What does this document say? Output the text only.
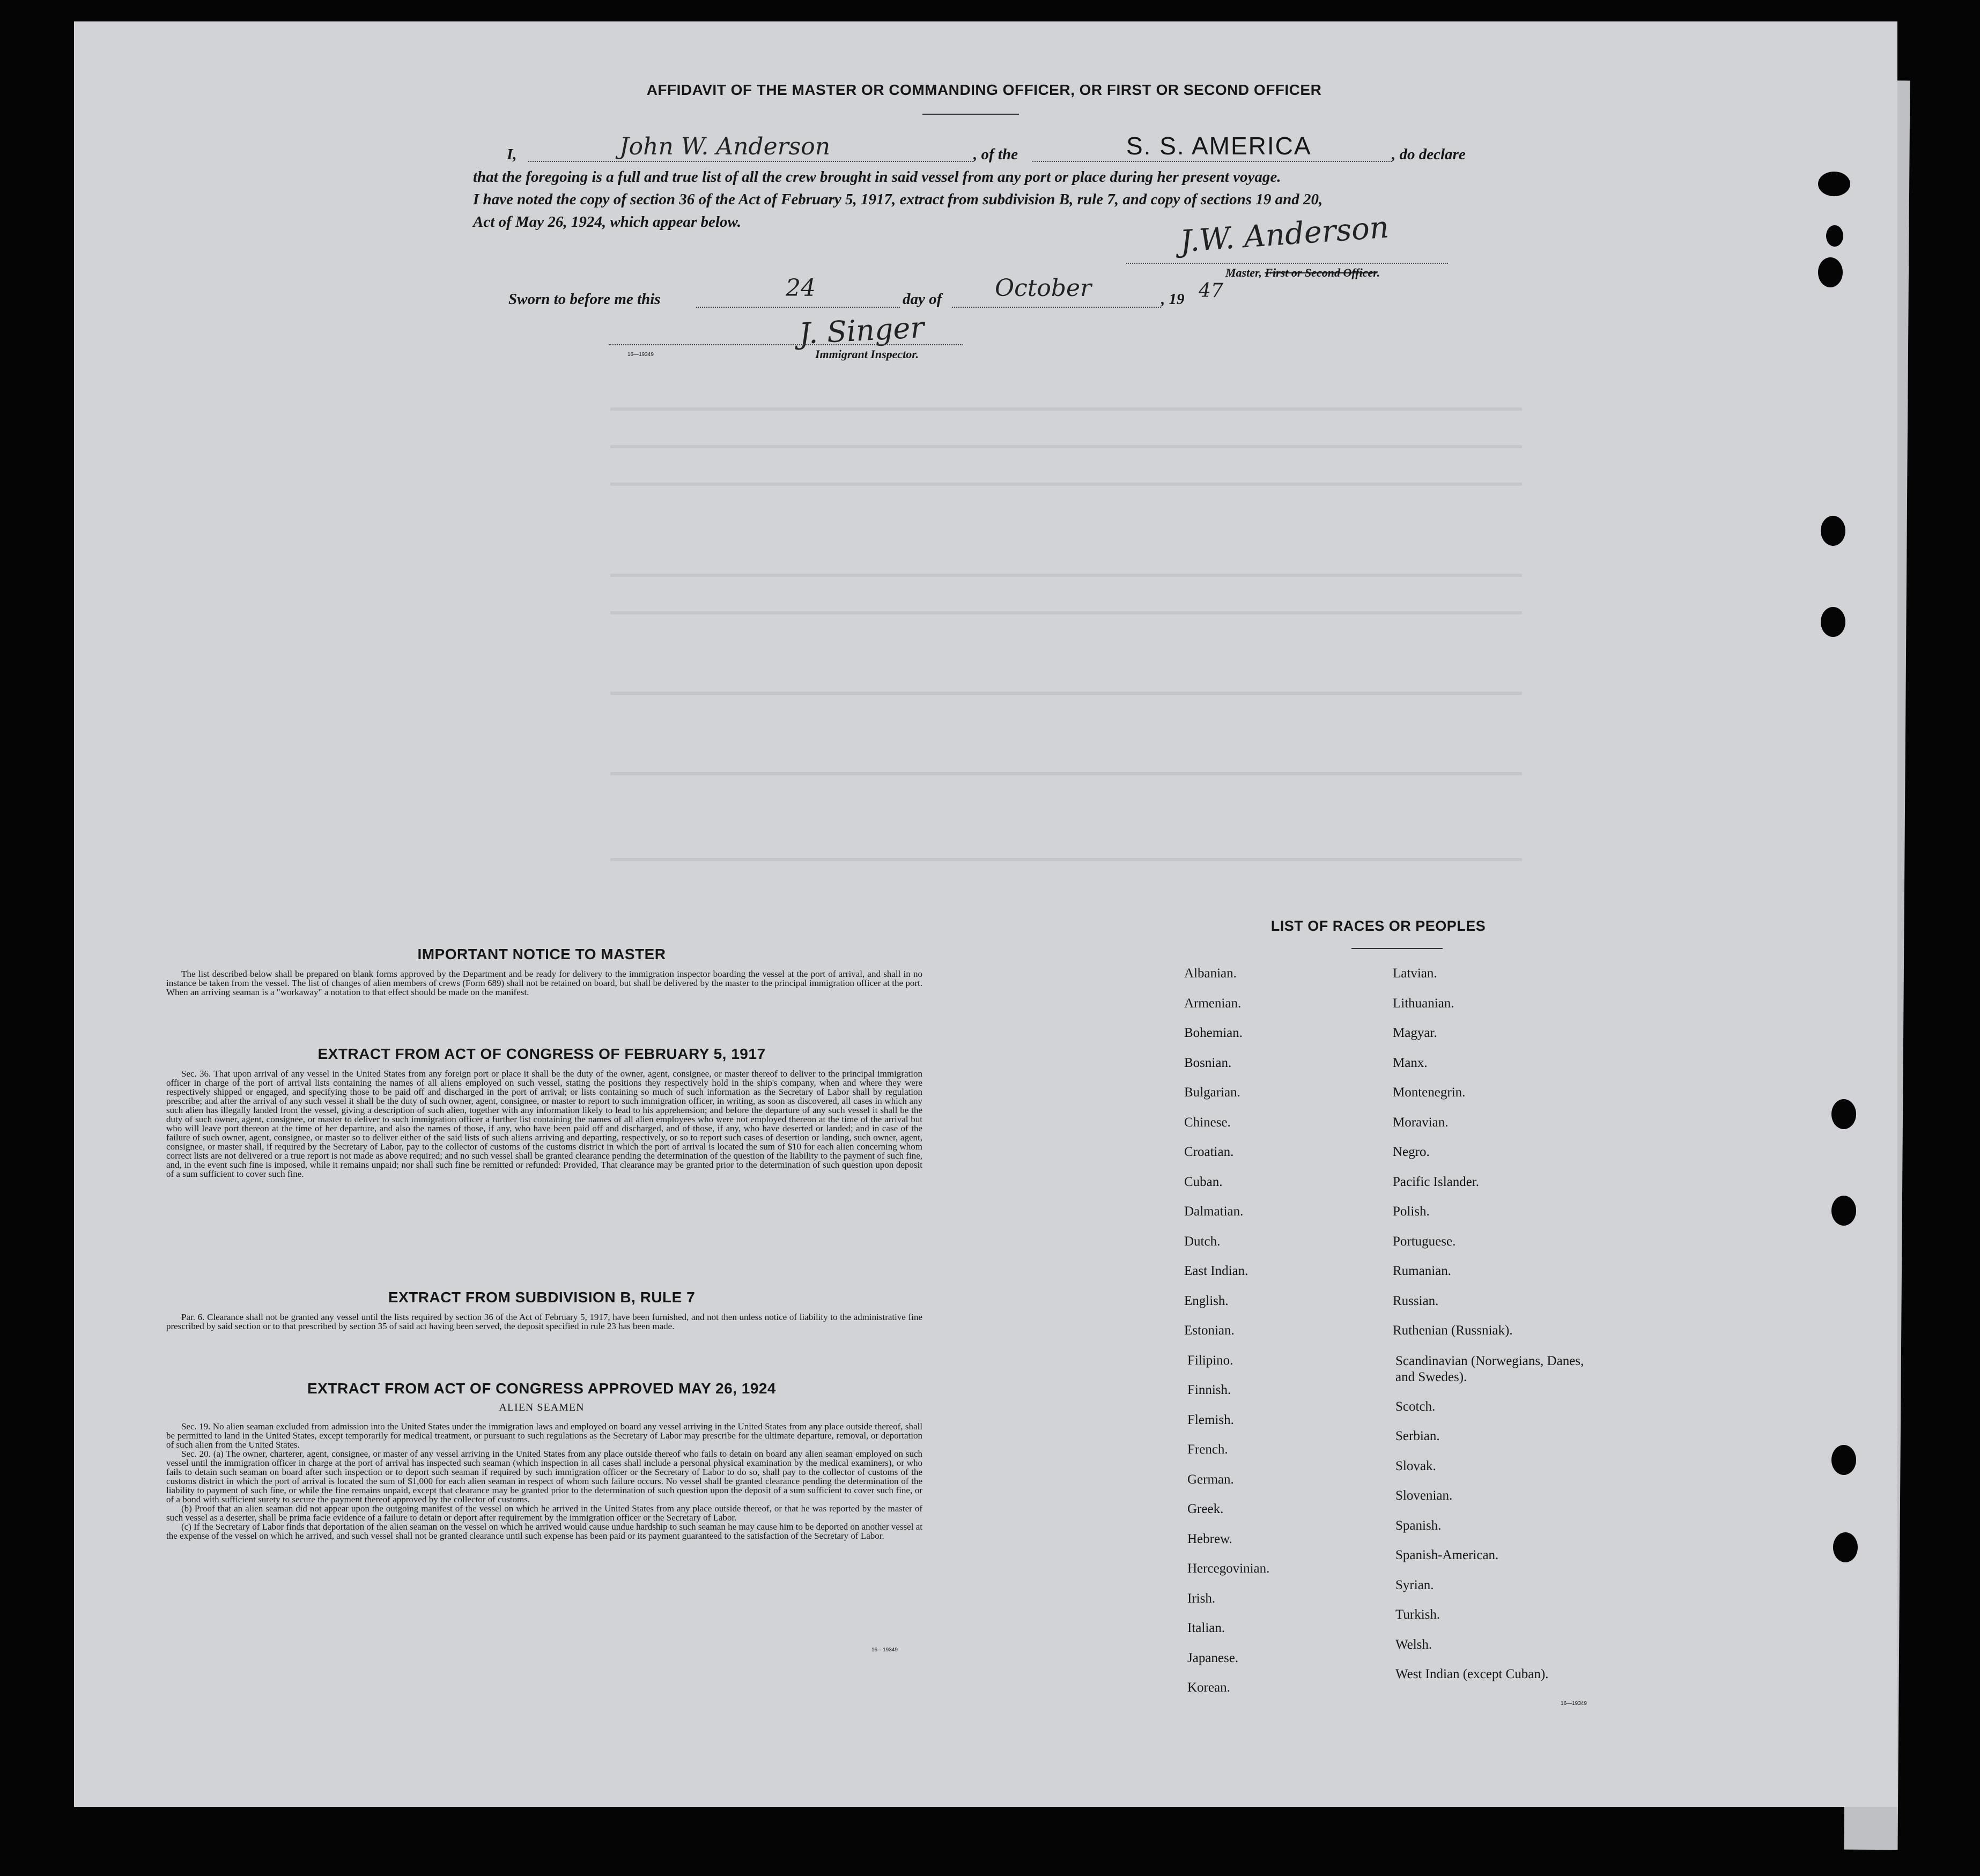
AFFIDAVIT OF THE MASTER OR COMMANDING OFFICER, OR FIRST OR SECOND OFFICER
I,	John W. Anderson	, of the	S. S. AMERICA	, do declare
that the foregoing is a full and true list of all the crew brought in said vessel from any port or place during her present voyage.
I have noted the copy of section 36 of the Act of February 5, 1917, extract from subdivision B, rule 7, and copy of sections 19 and 20,
Act of May 26, 1924, which appear below.	J.W. Anderson
Master, First or Second Officer.
Sworn to before me this	24	day of October	, 19 47
J. Singer
Immigrant Inspector.
16—19349
IMPORTANT NOTICE TO MASTER
The list described below shall be prepared on blank forms approved by the Department and be ready for delivery to the immigration inspector boarding the vessel at the port of arrival, and shall in no instance be taken from the vessel. The list of changes of alien members of crews (Form 689) shall not be retained on board, but shall be delivered by the master to the principal immigration officer at the port. When an arriving seaman is a "workaway" a notation to that effect should be made on the manifest.
EXTRACT FROM ACT OF CONGRESS OF FEBRUARY 5, 1917
Sec. 36. That upon arrival of any vessel in the United States from any foreign port or place it shall be the duty of the owner, agent, consignee, or master thereof to deliver to the principal immigration officer in charge of the port of arrival lists containing the names of all aliens employed on such vessel, stating the positions they respectively hold in the ship's company, when and where they were respectively shipped or engaged, and specifying those to be paid off and discharged in the port of arrival; or lists containing so much of such information as the Secretary of Labor shall by regulation prescribe; and after the arrival of any such vessel it shall be the duty of such owner, agent, consignee, or master to report to such immigration officer, in writing, as soon as discovered, all cases in which any such alien has illegally landed from the vessel, giving a description of such alien, together with any information likely to lead to his apprehension; and before the departure of any such vessel it shall be the duty of such owner, agent, consignee, or master to deliver to such immigration officer a further list containing the names of all alien employees who were not employed thereon at the time of the arrival but who will leave port thereon at the time of her departure, and also the names of those, if any, who have been paid off and discharged, and of those, if any, who have deserted or landed; and in case of the failure of such owner, agent, consignee, or master so to deliver either of the said lists of such aliens arriving and departing, respectively, or so to report such cases of desertion or landing, such owner, agent, consignee, or master shall, if required by the Secretary of Labor, pay to the collector of customs of the customs district in which the port of arrival is located the sum of $10 for each alien concerning whom correct lists are not delivered or a true report is not made as above required; and no such vessel shall be granted clearance pending the determination of the question of the liability to the payment of such fine, and, in the event such fine is imposed, while it remains unpaid; nor shall such fine be remitted or refunded: Provided, That clearance may be granted prior to the determination of such question upon deposit of a sum sufficient to cover such fine.
EXTRACT FROM SUBDIVISION B, RULE 7
Par. 6. Clearance shall not be granted any vessel until the lists required by section 36 of the Act of February 5, 1917, have been furnished, and not then unless notice of liability to the administrative fine prescribed by said section or to that prescribed by section 35 of said act having been served, the deposit specified in rule 23 has been made.
EXTRACT FROM ACT OF CONGRESS APPROVED MAY 26, 1924
ALIEN SEAMEN

Sec. 19. No alien seaman excluded from admission into the United States under the immigration laws and employed on board any vessel arriving in the United States from any place outside thereof, shall be permitted to land in the United States, except temporarily for medical treatment, or pursuant to such regulations as the Secretary of Labor may prescribe for the ultimate departure, removal, or deportation of such alien from the United States.

Sec. 20. (a) The owner, charterer, agent, consignee, or master of any vessel arriving in the United States from any place outside thereof who fails to detain on board any alien seaman employed on such vessel until the immigration officer in charge at the port of arrival has inspected such seaman (which inspection in all cases shall include a personal physical examination by the medical examiners), or who fails to detain such seaman on board after such inspection or to deport such seaman if required by such immigration officer or the Secretary of Labor to do so, shall pay to the collector of customs of the customs district in which the port of arrival is located the sum of $1,000 for each alien seaman in respect of whom such failure occurs. No vessel shall be granted clearance pending the determination of the liability to payment of such fine, or while the fine remains unpaid, except that clearance may be granted prior to the determination of such question upon the deposit of a sum sufficient to cover such fine, or of a bond with sufficient surety to secure the payment thereof approved by the collector of customs.

(b) Proof that an alien seaman did not appear upon the outgoing manifest of the vessel on which he arrived in the United States from any place outside thereof, or that he was reported by the master of such vessel as a deserter, shall be prima facie evidence of a failure to detain or deport after requirement by the immigration officer or the Secretary of Labor.

(c) If the Secretary of Labor finds that deportation of the alien seaman on the vessel on which he arrived would cause undue hardship to such seaman he may cause him to be deported on another vessel at the expense of the vessel on which he arrived, and such vessel shall not be granted clearance until such expense has been paid or its payment guaranteed to the satisfaction of the Secretary of Labor.

16—19349
LIST OF RACES OR PEOPLES
Albanian.
Armenian.
Bohemian.
Bosnian.
Bulgarian.
Chinese.
Croatian.
Cuban.
Dalmatian.
Dutch.
East Indian.
English.
Estonian.
Filipino.
Finnish.
Flemish.
French.
German.
Greek.
Hebrew.
Hercegovinian.
Irish.
Italian.
Japanese.
Korean.
Latvian.
Lithuanian.
Magyar.
Manx.
Montenegrin.
Moravian.
Negro.
Pacific Islander.
Polish.
Portuguese.
Rumanian.
Russian.
Ruthenian (Russniak).
Scandinavian (Norwegians, Danes, and Swedes).
Scotch.
Serbian.
Slovak.
Slovenian.
Spanish.
Spanish-American.
Syrian.
Turkish.
Welsh.
West Indian (except Cuban).
16—19349
